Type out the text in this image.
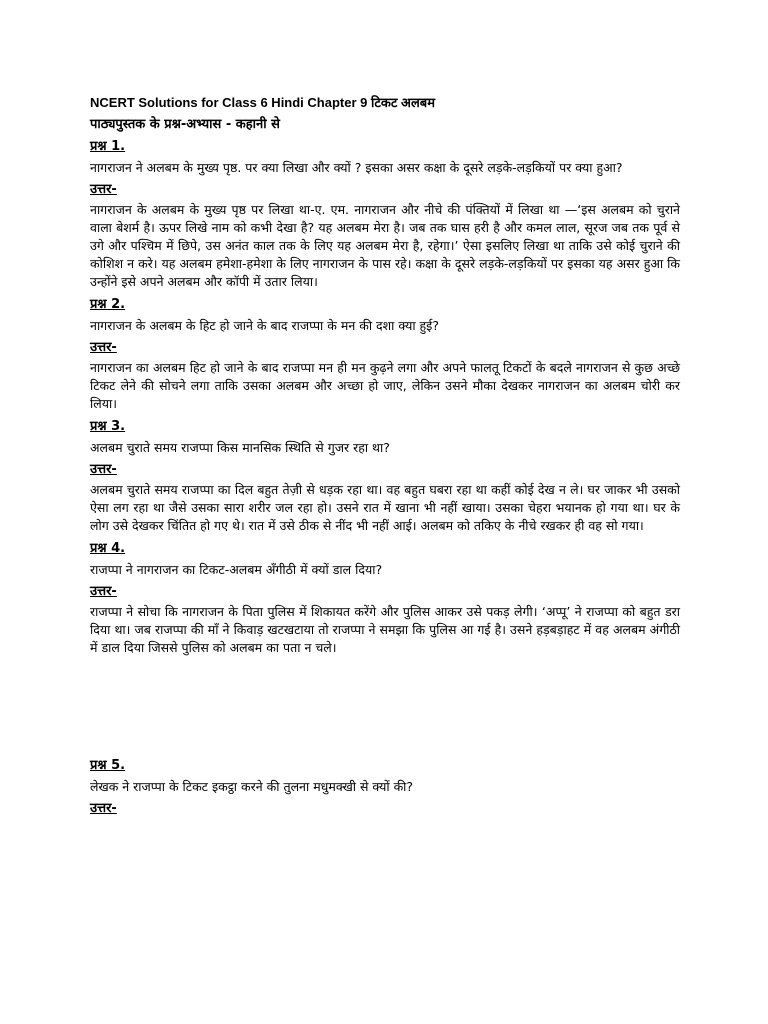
NCERT Solutions for Class 6 Hindi Chapter 9 टिकट अलबम
पाठ्यपुस्तक के प्रश्न-अभ्यास - कहानी से
प्रश्न 1.
नागराजन ने अलबम के मुख्य पृष्ठ. पर क्या लिखा और क्यों ? इसका असर कक्षा के दूसरे लड़के-लड़कियों पर क्या हुआ?
उत्तर-
नागराजन के अलबम के मुख्य पृष्ठ पर लिखा था-ए. एम. नागराजन और नीचे की पंक्तियों में लिखा था —‘इस अलबम को चुराने वाला बेशर्म है। ऊपर लिखे नाम को कभी देखा है? यह अलबम मेरा है। जब तक घास हरी है और कमल लाल, सूरज जब तक पूर्व से उगे और पश्चिम में छिपे, उस अनंत काल तक के लिए यह अलबम मेरा है, रहेगा।’ ऐसा इसलिए लिखा था ताकि उसे कोई चुराने की कोशिश न करे। यह अलबम हमेशा-हमेशा के लिए नागराजन के पास रहे। कक्षा के दूसरे लड़के-लड़कियों पर इसका यह असर हुआ कि उन्होंने इसे अपने अलबम और कॉपी में उतार लिया।
प्रश्न 2.
नागराजन के अलबम के हिट हो जाने के बाद राजप्पा के मन की दशा क्या हुई?
उत्तर-
नागराजन का अलबम हिट हो जाने के बाद राजप्पा मन ही मन कुढ़ने लगा और अपने फालतू टिकटों के बदले नागराजन से कुछ अच्छे टिकट लेने की सोचने लगा ताकि उसका अलबम और अच्छा हो जाए, लेकिन उसने मौका देखकर नागराजन का अलबम चोरी कर लिया।
प्रश्न 3.
अलबम चुराते समय राजप्पा किस मानसिक स्थिति से गुजर रहा था?
उत्तर-
अलबम चुराते समय राजप्पा का दिल बहुत तेज़ी से धड़क रहा था। वह बहुत घबरा रहा था कहीं कोई देख न ले। घर जाकर भी उसको ऐसा लग रहा था जैसे उसका सारा शरीर जल रहा हो। उसने रात में खाना भी नहीं खाया। उसका चेहरा भयानक हो गया था। घर के लोग उसे देखकर चिंतित हो गए थे। रात में उसे ठीक से नींद भी नहीं आई। अलबम को तकिए के नीचे रखकर ही वह सो गया।
प्रश्न 4.
राजप्पा ने नागराजन का टिकट-अलबम अँगीठी में क्यों डाल दिया?
उत्तर-
राजप्पा ने सोचा कि नागराजन के पिता पुलिस में शिकायत करेंगे और पुलिस आकर उसे पकड़ लेगी। ‘अप्पू’ ने राजप्पा को बहुत डरा दिया था। जब राजप्पा की माँ ने किवाड़ खटखटाया तो राजप्पा ने समझा कि पुलिस आ गई है। उसने हड़बड़ाहट में वह अलबम अंगीठी में डाल दिया जिससे पुलिस को अलबम का पता न चले।
प्रश्न 5.
लेखक ने राजप्पा के टिकट इकट्ठा करने की तुलना मधुमक्खी से क्यों की?
उत्तर-
